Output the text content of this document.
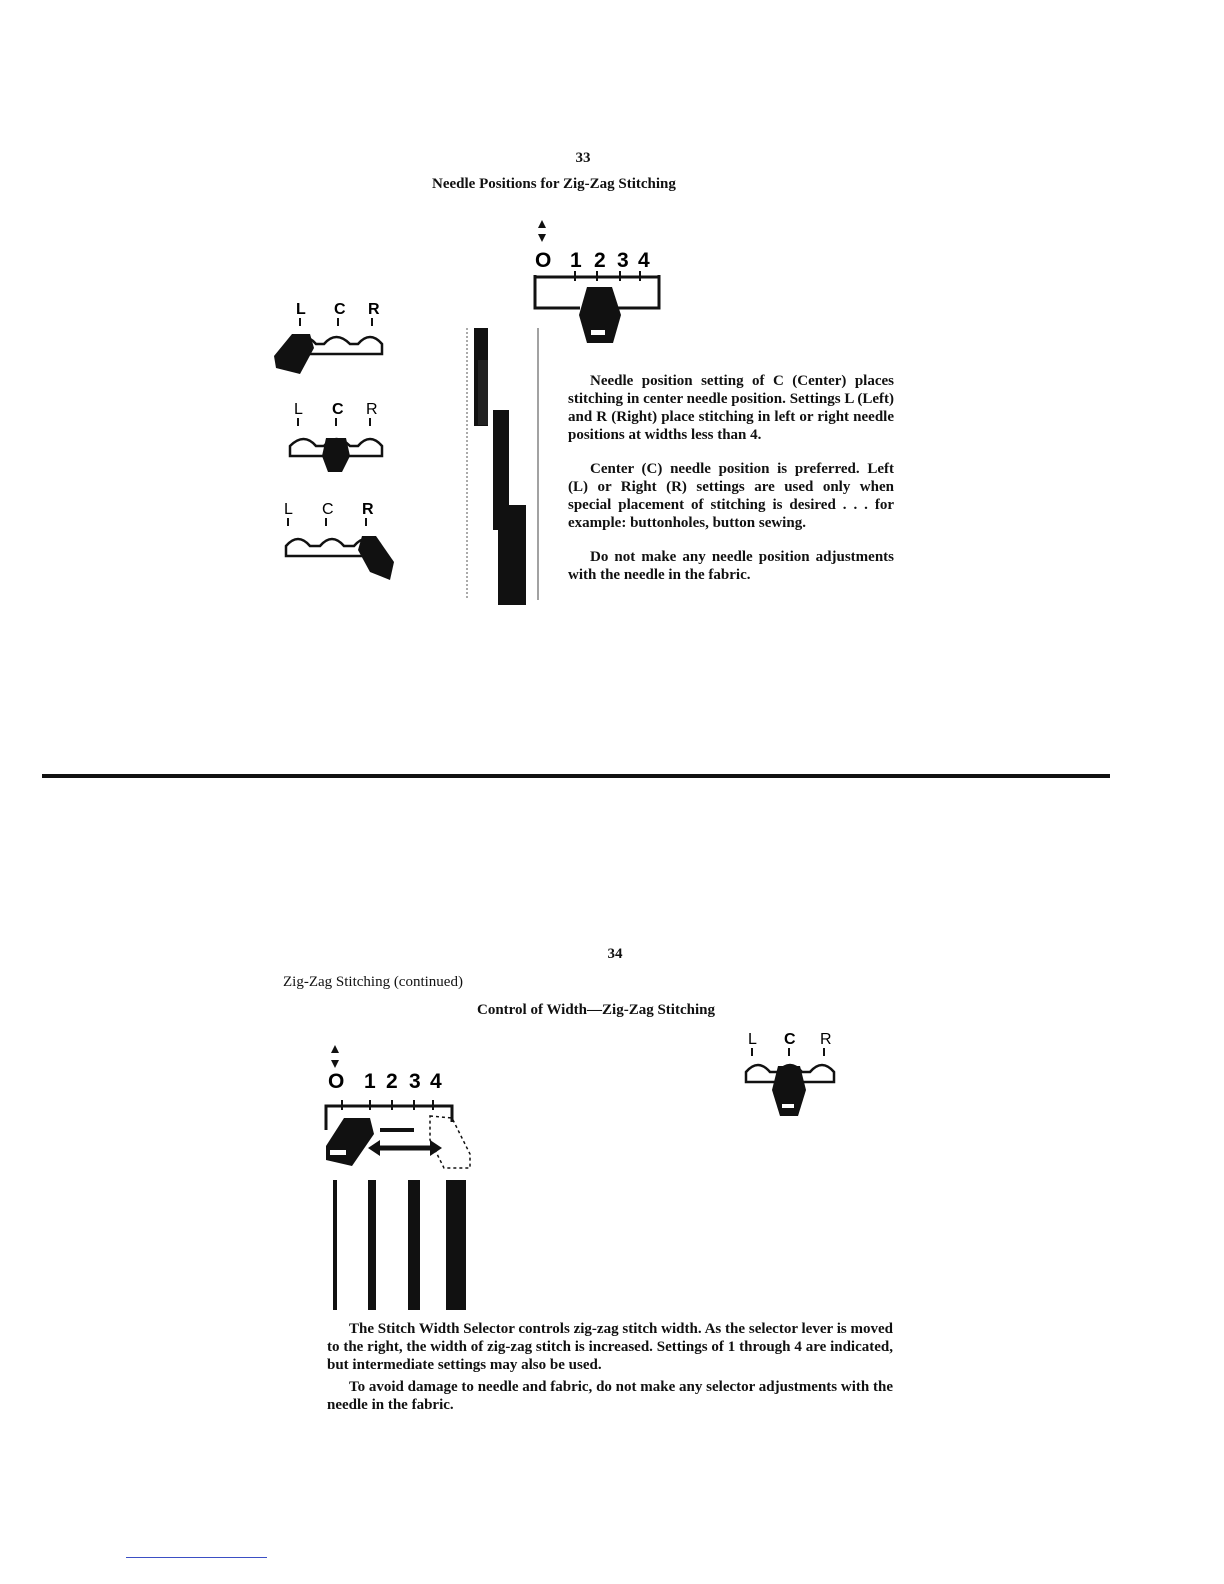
33
Needle Positions for Zig-Zag Stitching
O 1 2 3 4
L C R
L C R
L C R

Needle position setting of C (Center) places stitching in center needle position. Settings L (Left) and R (Right) place stitching in left or right needle positions at widths less than 4.

Center (C) needle position is preferred. Left (L) or Right (R) settings are used only when special placement of stitching is desired . . . for example: buttonholes, button sewing.

Do not make any needle position adjustments with the needle in the fabric.

34
Zig-Zag Stitching (continued)
Control of Width—Zig-Zag Stitching
O 1 2 3 4
L C R

The Stitch Width Selector controls zig-zag stitch width. As the selector lever is moved to the right, the width of zig-zag stitch is increased. Settings of 1 through 4 are indicated, but intermediate settings may also be used.

To avoid damage to needle and fabric, do not make any selector adjustments with the needle in the fabric.
